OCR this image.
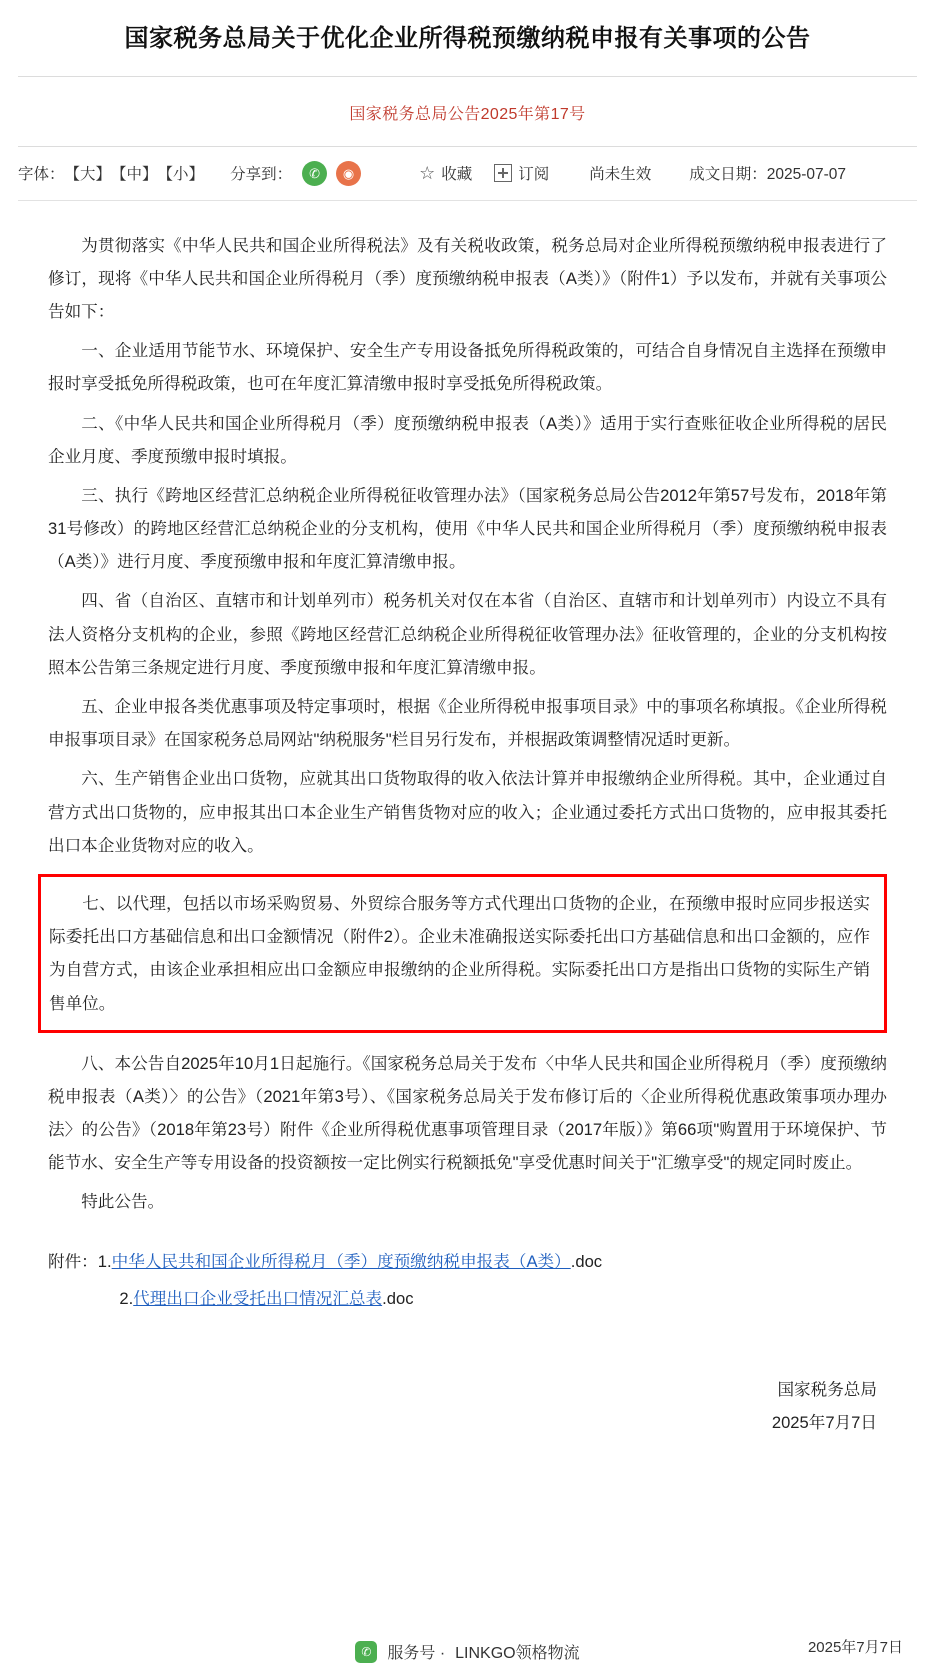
国家税务总局关于优化企业所得税预缴纳税申报有关事项的公告
国家税务总局公告2025年第17号
字体： 【大】 【中】 【小】 分享到：	✆	◉	☆ 收藏	订阅	尚未生效 成文日期：2025-07-07

为贯彻落实《中华人民共和国企业所得税法》及有关税收政策，税务总局对企业所得税预缴纳税申报表进行了修订，现将《中华人民共和国企业所得税月（季）度预缴纳税申报表（A类）》（附件1）予以发布，并就有关事项公告如下：

一、企业适用节能节水、环境保护、安全生产专用设备抵免所得税政策的，可结合自身情况自主选择在预缴申报时享受抵免所得税政策，也可在年度汇算清缴申报时享受抵免所得税政策。

二、《中华人民共和国企业所得税月（季）度预缴纳税申报表（A类）》适用于实行查账征收企业所得税的居民企业月度、季度预缴申报时填报。

三、执行《跨地区经营汇总纳税企业所得税征收管理办法》（国家税务总局公告2012年第57号发布，2018年第31号修改）的跨地区经营汇总纳税企业的分支机构，使用《中华人民共和国企业所得税月（季）度预缴纳税申报表（A类）》进行月度、季度预缴申报和年度汇算清缴申报。

四、省（自治区、直辖市和计划单列市）税务机关对仅在本省（自治区、直辖市和计划单列市）内设立不具有法人资格分支机构的企业，参照《跨地区经营汇总纳税企业所得税征收管理办法》征收管理的，企业的分支机构按照本公告第三条规定进行月度、季度预缴申报和年度汇算清缴申报。

五、企业申报各类优惠事项及特定事项时，根据《企业所得税申报事项目录》中的事项名称填报。《企业所得税申报事项目录》在国家税务总局网站"纳税服务"栏目另行发布，并根据政策调整情况适时更新。

六、生产销售企业出口货物，应就其出口货物取得的收入依法计算并申报缴纳企业所得税。其中，企业通过自营方式出口货物的，应申报其出口本企业生产销售货物对应的收入；企业通过委托方式出口货物的，应申报其委托出口本企业货物对应的收入。

七、以代理，包括以市场采购贸易、外贸综合服务等方式代理出口货物的企业，在预缴申报时应同步报送实际委托出口方基础信息和出口金额情况（附件2）。企业未准确报送实际委托出口方基础信息和出口金额的，应作为自营方式，由该企业承担相应出口金额应申报缴纳的企业所得税。实际委托出口方是指出口货物的实际生产销售单位。

八、本公告自2025年10月1日起施行。《国家税务总局关于发布〈中华人民共和国企业所得税月（季）度预缴纳税申报表（A类）〉的公告》（2021年第3号）、《国家税务总局关于发布修订后的〈企业所得税优惠政策事项办理办法〉的公告》（2018年第23号）附件《企业所得税优惠事项管理目录（2017年版）》第66项"购置用于环境保护、节能节水、安全生产等专用设备的投资额按一定比例实行税额抵免"享受优惠时间关于"汇缴享受"的规定同时废止。

特此公告。

附件：1.中华人民共和国企业所得税月（季）度预缴纳税申报表（A类）.doc

2.代理出口企业受托出口情况汇总表.doc

国家税务总局
2025年7月7日
✆ 服务号 · LINKGO领格物流	2025年7月7日
